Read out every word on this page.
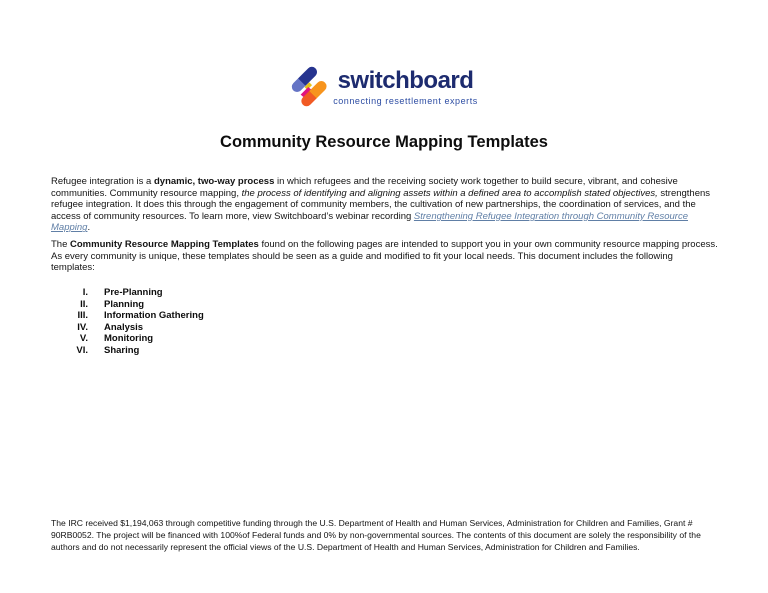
switchboard
connecting resettlement experts
Community Resource Mapping Templates

Refugee integration is a dynamic, two-way process in which refugees and the receiving society work together to build secure, vibrant, and cohesive communities. Community resource mapping, the process of identifying and aligning assets within a defined area to accomplish stated objectives, strengthens refugee integration. It does this through the engagement of community members, the cultivation of new partnerships, the coordination of services, and the access of community resources. To learn more, view Switchboard’s webinar recording Strengthening Refugee Integration through Community Resource Mapping.

The Community Resource Mapping Templates found on the following pages are intended to support you in your own community resource mapping process. As every community is unique, these templates should be seen as a guide and modified to fit your local needs. This document includes the following templates:

I. Pre-Planning
II. Planning
III. Information Gathering
IV. Analysis
V. Monitoring
VI. Sharing

The IRC received $1,194,063 through competitive funding through the U.S. Department of Health and Human Services, Administration for Children and Families, Grant # 90RB0052. The project will be financed with 100%of Federal funds and 0% by non-governmental sources. The contents of this document are solely the responsibility of the authors and do not necessarily represent the official views of the U.S. Department of Health and Human Services, Administration for Children and Families.
